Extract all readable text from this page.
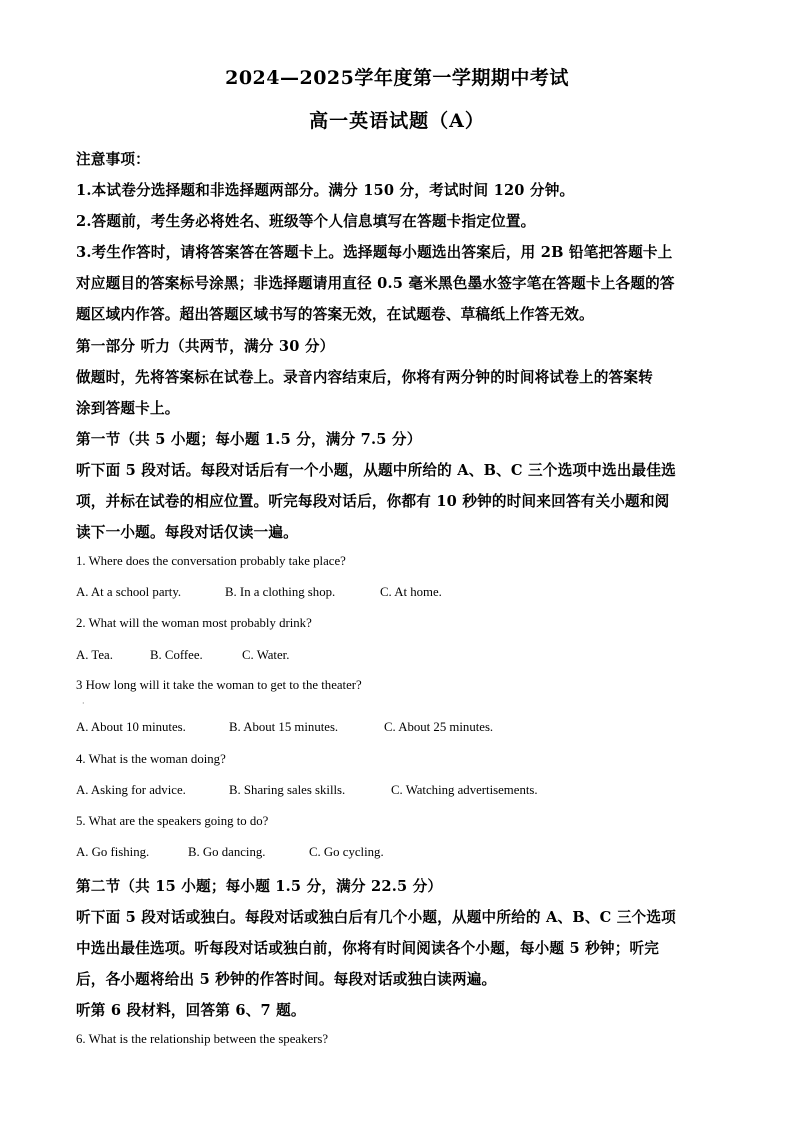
2024—2025学年度第一学期期中考试
高一英语试题（A）
注意事项：
1.本试卷分选择题和非选择题两部分。满分 150 分，考试时间 120 分钟。
2.答题前，考生务必将姓名、班级等个人信息填写在答题卡指定位置。
3.考生作答时，请将答案答在答题卡上。选择题每小题选出答案后，用 2B 铅笔把答题卡上
对应题目的答案标号涂黑；非选择题请用直径 0.5 毫米黑色墨水签字笔在答题卡上各题的答
题区域内作答。超出答题区域书写的答案无效，在试题卷、草稿纸上作答无效。
第一部分 听力（共两节，满分 30 分）
做题时，先将答案标在试卷上。录音内容结束后，你将有两分钟的时间将试卷上的答案转
涂到答题卡上。
第一节（共 5 小题；每小题 1.5 分，满分 7.5 分）
听下面 5 段对话。每段对话后有一个小题，从题中所给的 A、B、C 三个选项中选出最佳选
项，并标在试卷的相应位置。听完每段对话后，你都有 10 秒钟的时间来回答有关小题和阅
读下一小题。每段对话仅读一遍。
1. Where does the conversation probably take place?
A. At a school party.	B. In a clothing shop.	C. At home.
2. What will the woman most probably drink?
A. Tea.	B. Coffee.	C. Water.
3 How long will it take the woman to get to the theater?
·
A. About 10 minutes.	B. About 15 minutes.	C. About 25 minutes.
4. What is the woman doing?
A. Asking for advice.	B. Sharing sales skills.	C. Watching advertisements.
5. What are the speakers going to do?
A. Go fishing.	B. Go dancing.	C. Go cycling.
第二节（共 15 小题；每小题 1.5 分，满分 22.5 分）
听下面 5 段对话或独白。每段对话或独白后有几个小题，从题中所给的 A、B、C 三个选项
中选出最佳选项。听每段对话或独白前，你将有时间阅读各个小题，每小题 5 秒钟；听完
后，各小题将给出 5 秒钟的作答时间。每段对话或独白读两遍。
听第 6 段材料，回答第 6、7 题。
6. What is the relationship between the speakers?
